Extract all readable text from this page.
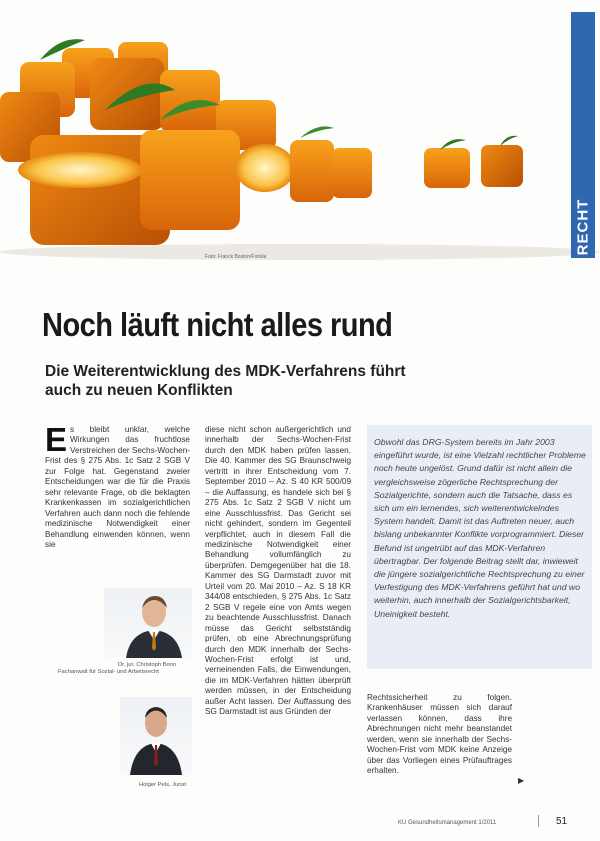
Foto: Franck Boston/Fotolia
RECHT
Noch läuft nicht alles rund
Die Weiterentwicklung des MDK-Verfahrens führt auch zu neuen Konflikten
Es bleibt unklar, welche Wirkungen das fruchtlose Verstreichen der Sechs-Wochen-Frist des § 275 Abs. 1c Satz 2 SGB V zur Folge hat. Gegenstand zweier Entscheidungen war die für die Praxis sehr relevante Frage, ob die beklagten Krankenkassen im sozialgerichtlichen Verfahren auch dann noch die fehlende medizinische Notwendigkeit einer Behandlung einwenden können, wenn sie
diese nicht schon außergerichtlich und innerhalb der Sechs-Wochen-Frist durch den MDK haben prüfen lassen. Die 40. Kammer des SG Braunschweig vertritt in ihrer Entscheidung vom 7. September 2010 – Az. S 40 KR 500/09 – die Auffassung, es handele sich bei § 275 Abs. 1c Satz 2 SGB V nicht um eine Ausschlussfrist. Das Gericht sei nicht gehindert, sondern im Gegenteil verpflichtet, auch in diesem Fall die medizinische Notwendigkeit einer Behandlung vollumfänglich zu überprüfen. Demgegenüber hat die 18. Kammer des SG Darmstadt zuvor mit Urteil vom 20. Mai 2010 – Az. S 18 KR 344/08 entschieden, § 275 Abs. 1c Satz 2 SGB V regele eine von Amts wegen zu beachtende Ausschlussfrist. Danach müsse das Gericht selbstständig prüfen, ob eine Abrechnungsprüfung durch den MDK innerhalb der Sechs-Wochen-Frist erfolgt ist und, verneinenden Falls, die Einwendungen, die im MDK-Verfahren hätten überprüft werden müssen, in der Entscheidung außer Acht lassen. Der Auffassung des SG Darmstadt ist aus Gründen der
Obwohl das DRG-System bereits im Jahr 2003 eingeführt wurde, ist eine Vielzahl rechtlicher Probleme noch heute ungelöst. Grund dafür ist nicht allein die vergleichsweise zögerliche Rechtsprechung der Sozialgerichte, sondern auch die Tatsache, dass es sich um ein lernendes, sich weiterentwickelndes System handelt. Damit ist das Auftreten neuer, auch bislang unbekannter Konflikte vorprogrammiert. Dieser Befund ist ungetrübt auf das MDK-Verfahren übertragbar. Der folgende Beitrag stellt dar, inwieweit die jüngere sozialgerichtliche Rechtsprechung zu einer Verfestigung des MDK-Verfahrens geführt hat und wo weiterhin, auch innerhalb der Sozialgerichtsbarkeit, Uneinigkeit besteht.
Rechtssicherheit zu folgen. Krankenhäuser müssen sich darauf verlassen können, dass ihre Abrechnungen nicht mehr beanstandet werden, wenn sie innerhalb der Sechs-Wochen-Frist vom MDK keine Anzeige über das Vorliegen eines Prüfauftrages erhalten.
Dr. jur. Christoph Bonn
Fachanwalt für Sozial- und Arbeitsrecht
Holger Pels, Jurist	▶
KU Gesundheitsmanagement 1/2011	51
